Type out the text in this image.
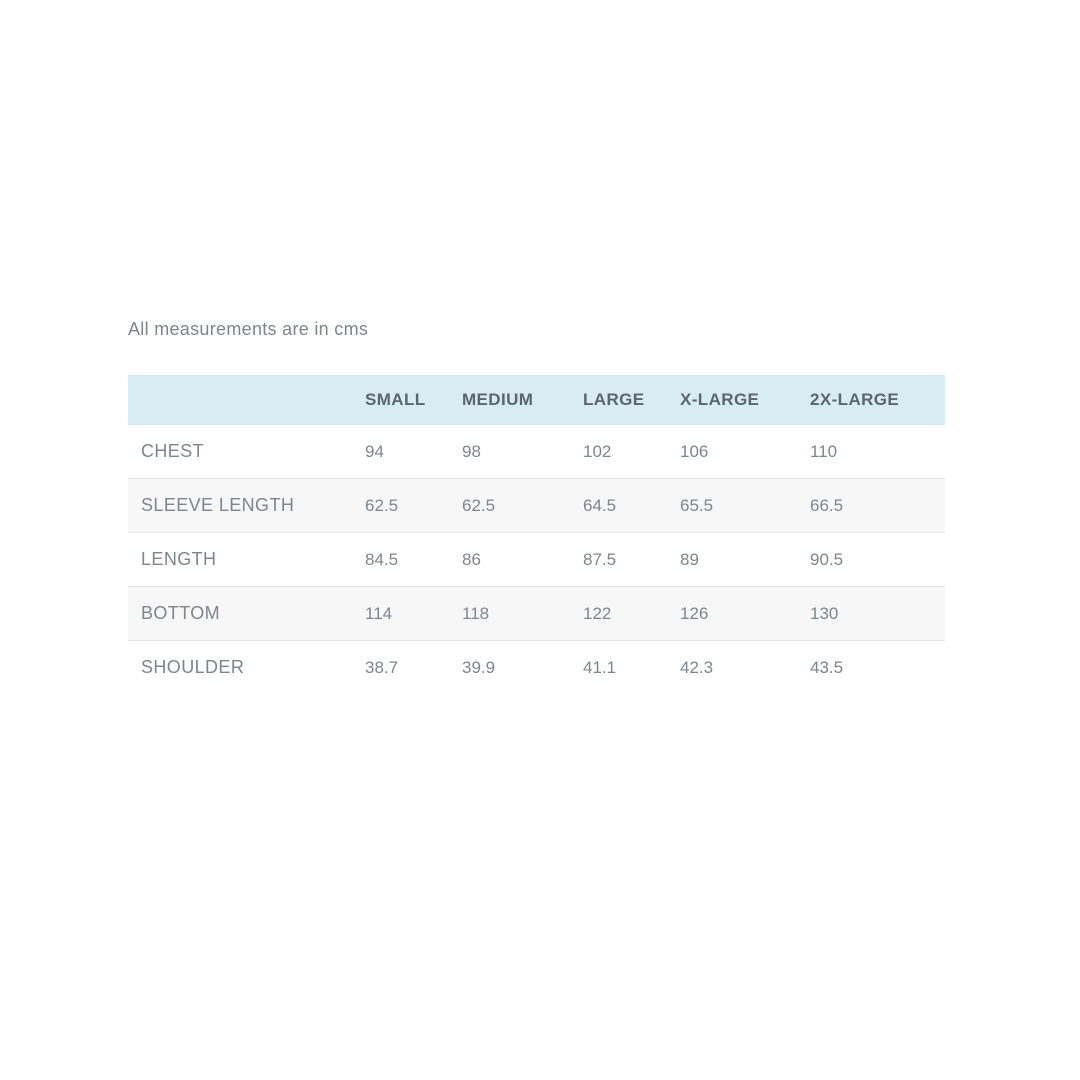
All measurements are in cms

	SMALL	MEDIUM	LARGE	X-LARGE	2X-LARGE
CHEST	94	98	102	106	110
SLEEVE LENGTH	62.5	62.5	64.5	65.5	66.5
LENGTH	84.5	86	87.5	89	90.5
BOTTOM	114	118	122	126	130
SHOULDER	38.7	39.9	41.1	42.3	43.5
